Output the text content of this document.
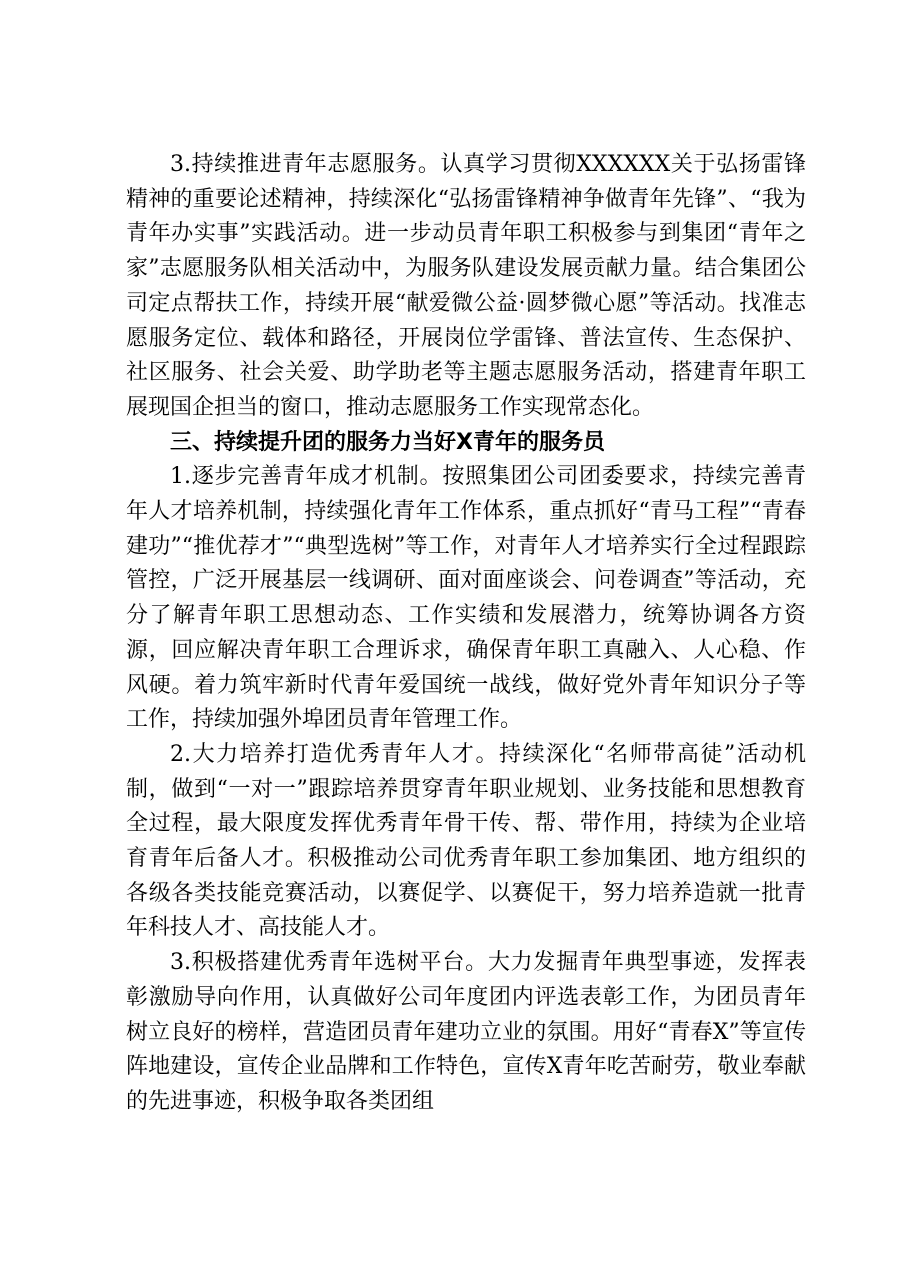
3.持续推进青年志愿服务。认真学习贯彻XXXXXX关于弘扬雷锋精神的重要论述精神，持续深化“弘扬雷锋精神争做青年先锋”、“我为青年办实事”实践活动。进一步动员青年职工积极参与到集团“青年之家”志愿服务队相关活动中，为服务队建设发展贡献力量。结合集团公司定点帮扶工作，持续开展“献爱微公益·圆梦微心愿”等活动。找准志愿服务定位、载体和路径，开展岗位学雷锋、普法宣传、生态保护、社区服务、社会关爱、助学助老等主题志愿服务活动，搭建青年职工展现国企担当的窗口，推动志愿服务工作实现常态化。

三、持续提升团的服务力当好X青年的服务员

1.逐步完善青年成才机制。按照集团公司团委要求，持续完善青年人才培养机制，持续强化青年工作体系，重点抓好“青马工程”“青春建功”“推优荐才”“典型选树”等工作，对青年人才培养实行全过程跟踪管控，广泛开展基层一线调研、面对面座谈会、问卷调查”等活动，充分了解青年职工思想动态、工作实绩和发展潜力，统筹协调各方资源，回应解决青年职工合理诉求，确保青年职工真融入、人心稳、作风硬。着力筑牢新时代青年爱国统一战线，做好党外青年知识分子等工作，持续加强外埠团员青年管理工作。

2.大力培养打造优秀青年人才。持续深化“名师带高徒”活动机制，做到“一对一”跟踪培养贯穿青年职业规划、业务技能和思想教育全过程，最大限度发挥优秀青年骨干传、帮、带作用，持续为企业培育青年后备人才。积极推动公司优秀青年职工参加集团、地方组织的各级各类技能竞赛活动，以赛促学、以赛促干，努力培养造就一批青年科技人才、高技能人才。

3.积极搭建优秀青年选树平台。大力发掘青年典型事迹，发挥表彰激励导向作用，认真做好公司年度团内评选表彰工作，为团员青年树立良好的榜样，营造团员青年建功立业的氛围。用好“青春X”等宣传阵地建设，宣传企业品牌和工作特色，宣传X青年吃苦耐劳，敬业奉献的先进事迹，积极争取各类团组
